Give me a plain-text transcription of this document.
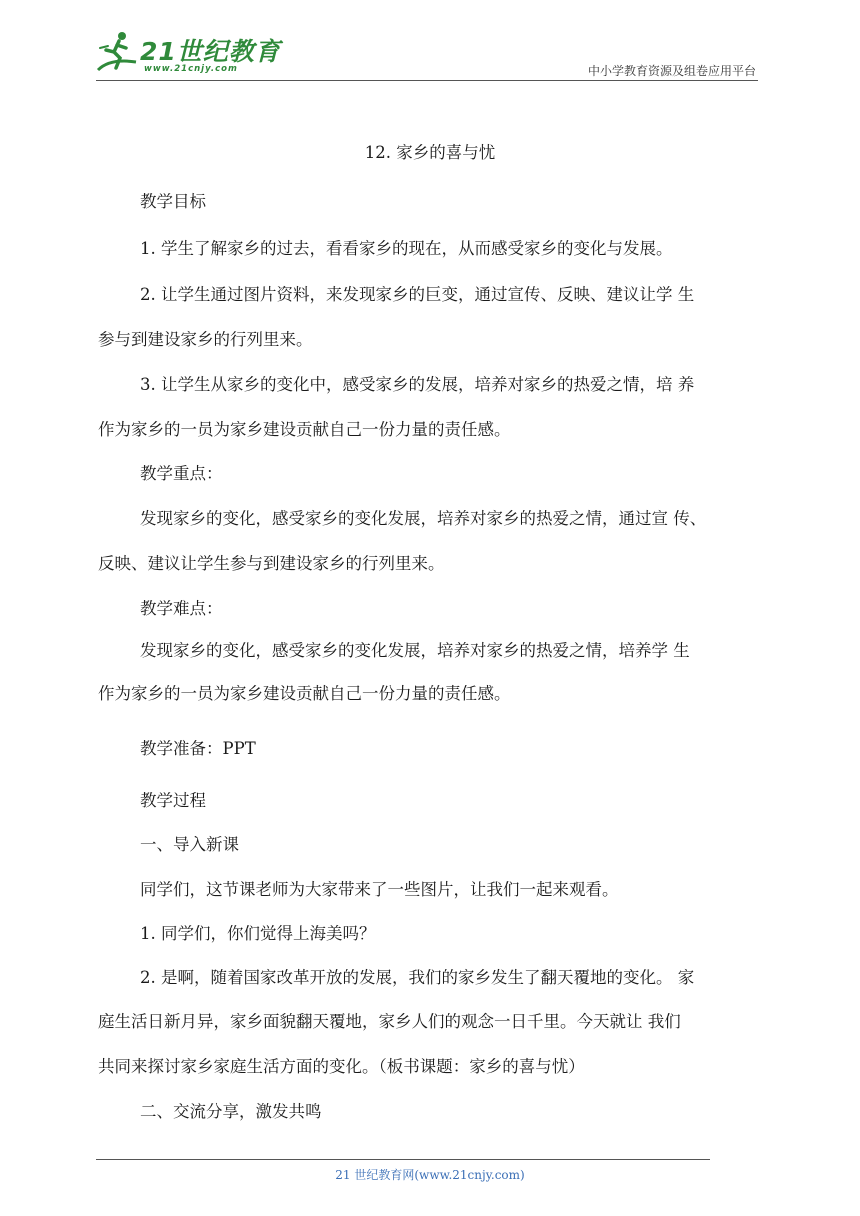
21世纪教育
www.21cnjy.com	中小学教育资源及组卷应用平台
12. 家乡的喜与忧
教学目标
1. 学生了解家乡的过去，看看家乡的现在，从而感受家乡的变化与发展。
2. 让学生通过图片资料，来发现家乡的巨变，通过宣传、反映、建议让学 生
参与到建设家乡的行列里来。
3. 让学生从家乡的变化中，感受家乡的发展，培养对家乡的热爱之情，培 养
作为家乡的一员为家乡建设贡献自己一份力量的责任感。
教学重点：
发现家乡的变化，感受家乡的变化发展，培养对家乡的热爱之情，通过宣 传、
反映、建议让学生参与到建设家乡的行列里来。
教学难点：
发现家乡的变化，感受家乡的变化发展，培养对家乡的热爱之情，培养学 生
作为家乡的一员为家乡建设贡献自己一份力量的责任感。
教学准备：PPT
教学过程
一、导入新课
同学们，这节课老师为大家带来了一些图片，让我们一起来观看。
1. 同学们，你们觉得上海美吗？
2. 是啊，随着国家改革开放的发展，我们的家乡发生了翻天覆地的变化。 家
庭生活日新月异，家乡面貌翻天覆地，家乡人们的观念一日千里。今天就让 我们
共同来探讨家乡家庭生活方面的变化。（板书课题：家乡的喜与忧）
二、交流分享，激发共鸣
21 世纪教育网(www.21cnjy.com)
